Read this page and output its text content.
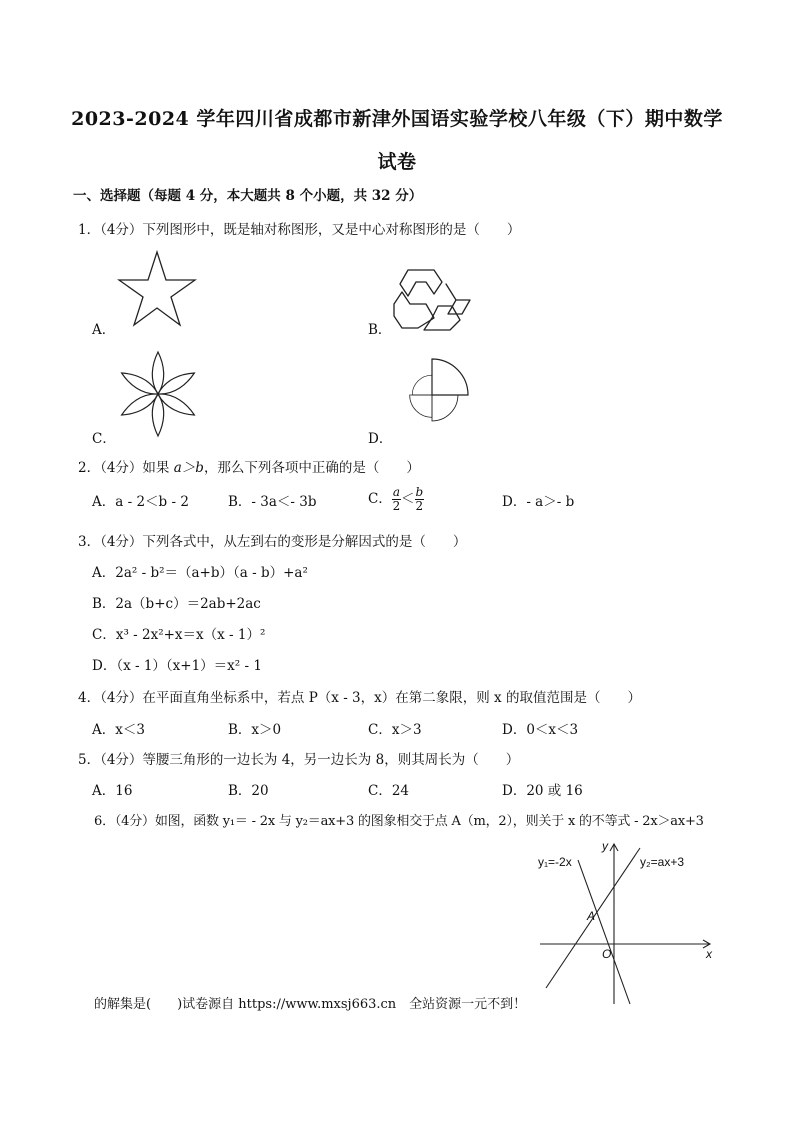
2023-2024 学年四川省成都市新津外国语实验学校八年级（下）期中数学
试卷
一、选择题（每题 4 分，本大题共 8 个小题，共 32 分）
1．（4分）下列图形中，既是轴对称图形，又是中心对称图形的是（　　）
A．	B．
C．	D．
2．（4分）如果 a＞b，那么下列各项中正确的是（　　）
A．a - 2＜b - 2	B．- 3a＜- 3b	C． $\frac{a}{2} < \frac{b}{2}$	D．- a＞- b
3．（4分）下列各式中，从左到右的变形是分解因式的是（　　）
A．2a² - b²＝（a+b）（a - b）+a²
B．2a（b+c）＝2ab+2ac
C．x³ - 2x²+x＝x（x - 1）²
D．（x - 1）（x+1）＝x² - 1
4．（4分）在平面直角坐标系中，若点 P（x - 3，x）在第二象限，则 x 的取值范围是（　　）
A．x＜3	B．x＞0	C．x＞3	D．0＜x＜3
5．（4分）等腰三角形的一边长为 4，另一边长为 8，则其周长为（　　）
A．16	B．20	C．24	D．20 或 16
6．（4分）如图，函数 y₁＝ - 2x 与 y₂＝ax+3 的图象相交于点 A（m，2），则关于 x 的不等式 - 2x＞ax+3
y₁=-2x	y₂=ax+3
A
O	x
y
的解集是(　　)试卷源自 https://www.mxsj663.cn　全站资源一元不到！
